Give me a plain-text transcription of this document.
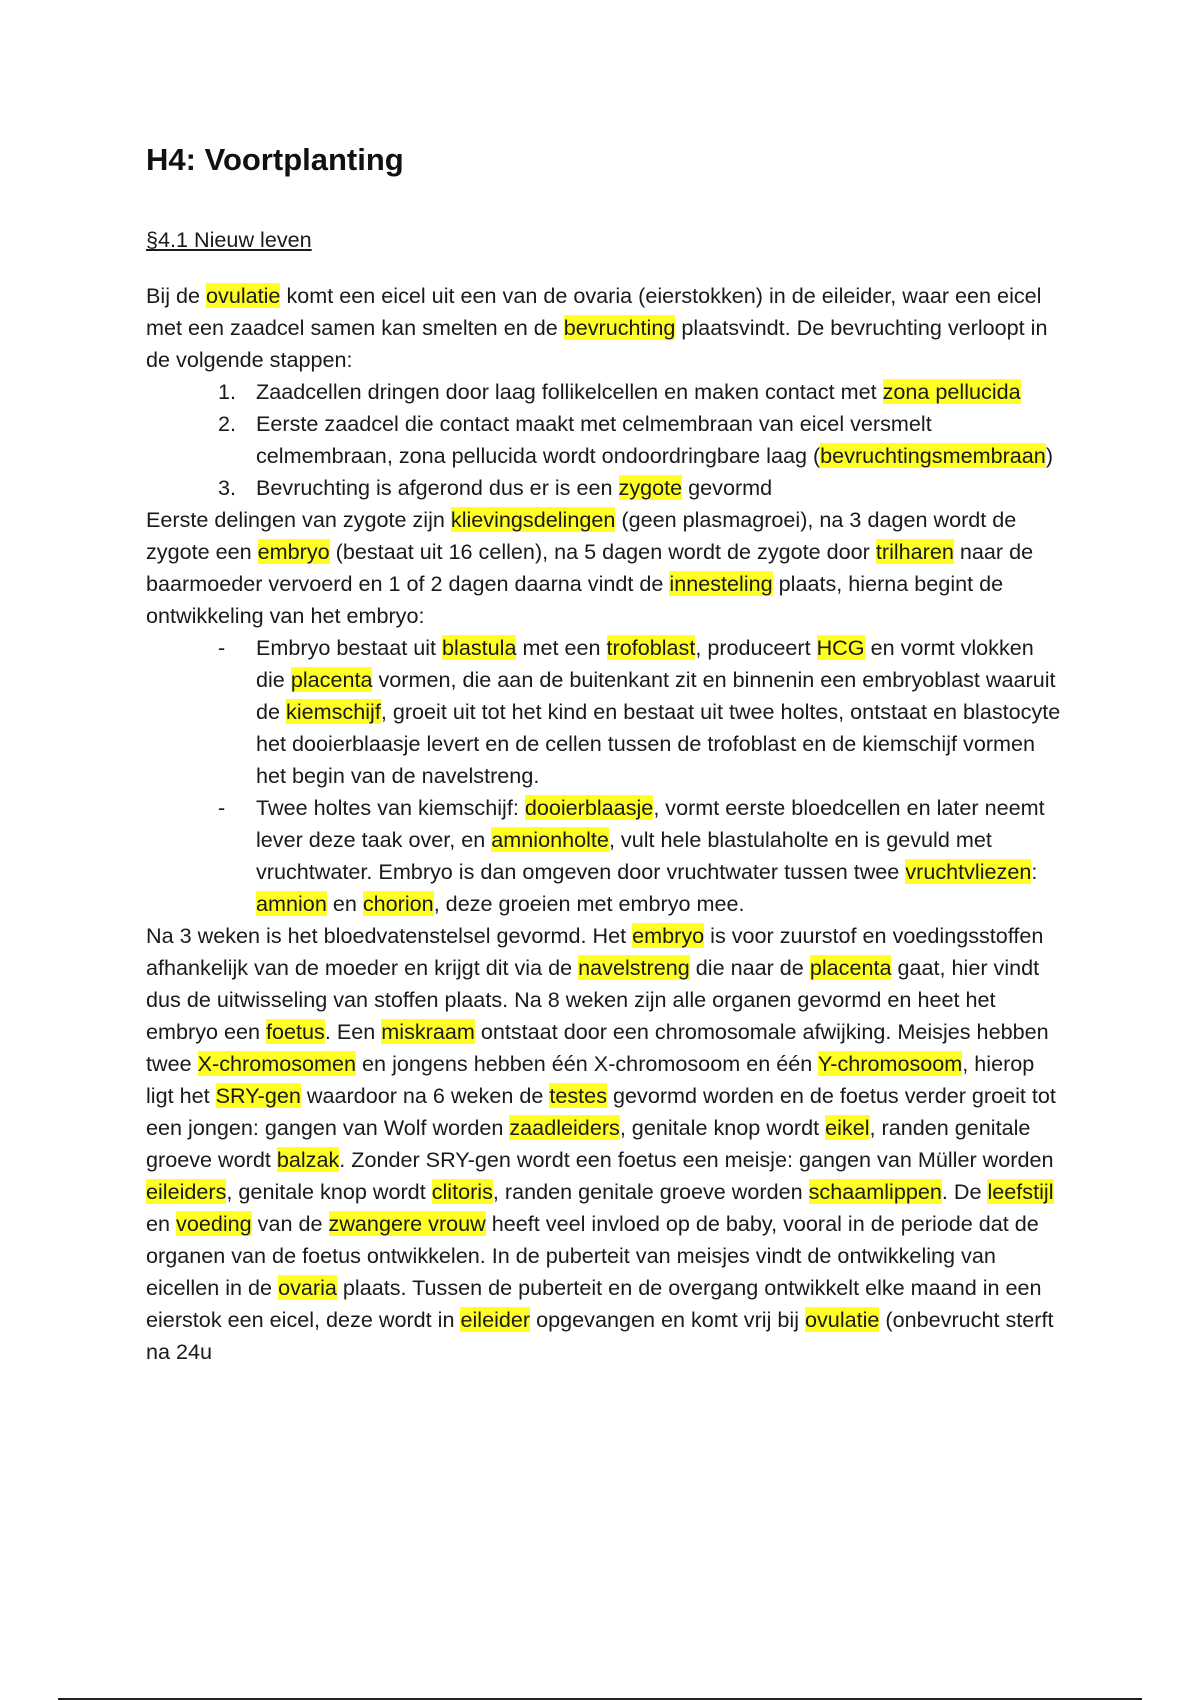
H4: Voortplanting
§4.1 Nieuw leven

Bij de ovulatie komt een eicel uit een van de ovaria (eierstokken) in de eileider, waar een eicel met een zaadcel samen kan smelten en de bevruchting plaatsvindt. De bevruchting verloopt in de volgende stappen:

1. Zaadcellen dringen door laag follikelcellen en maken contact met zona pellucida
2. Eerste zaadcel die contact maakt met celmembraan van eicel versmelt celmembraan, zona pellucida wordt ondoordringbare laag (bevruchtingsmembraan)
3. Bevruchting is afgerond dus er is een zygote gevormd

Eerste delingen van zygote zijn klievingsdelingen (geen plasmagroei), na 3 dagen wordt de zygote een embryo (bestaat uit 16 cellen), na 5 dagen wordt de zygote door trilharen naar de baarmoeder vervoerd en 1 of 2 dagen daarna vindt de innesteling plaats, hierna begint de ontwikkeling van het embryo:

- Embryo bestaat uit blastula met een trofoblast, produceert HCG en vormt vlokken die placenta vormen, die aan de buitenkant zit en binnenin een embryoblast waaruit de kiemschijf, groeit uit tot het kind en bestaat uit twee holtes, ontstaat en blastocyte het dooierblaasje levert en de cellen tussen de trofoblast en de kiemschijf vormen het begin van de navelstreng.
- Twee holtes van kiemschijf: dooierblaasje, vormt eerste bloedcellen en later neemt lever deze taak over, en amnionholte, vult hele blastulaholte en is gevuld met vruchtwater. Embryo is dan omgeven door vruchtwater tussen twee vruchtvliezen: amnion en chorion, deze groeien met embryo mee.

Na 3 weken is het bloedvatenstelsel gevormd. Het embryo is voor zuurstof en voedingsstoffen afhankelijk van de moeder en krijgt dit via de navelstreng die naar de placenta gaat, hier vindt dus de uitwisseling van stoffen plaats. Na 8 weken zijn alle organen gevormd en heet het embryo een foetus. Een miskraam ontstaat door een chromosomale afwijking. Meisjes hebben twee X-chromosomen en jongens hebben één X-chromosoom en één Y-chromosoom, hierop ligt het SRY-gen waardoor na 6 weken de testes gevormd worden en de foetus verder groeit tot een jongen: gangen van Wolf worden zaadleiders, genitale knop wordt eikel, randen genitale groeve wordt balzak. Zonder SRY-gen wordt een foetus een meisje: gangen van Müller worden eileiders, genitale knop wordt clitoris, randen genitale groeve worden schaamlippen. De leefstijl en voeding van de zwangere vrouw heeft veel invloed op de baby, vooral in de periode dat de organen van de foetus ontwikkelen. In de puberteit van meisjes vindt de ontwikkeling van eicellen in de ovaria plaats. Tussen de puberteit en de overgang ontwikkelt elke maand in een eierstok een eicel, deze wordt in eileider opgevangen en komt vrij bij ovulatie (onbevrucht sterft na 24u
